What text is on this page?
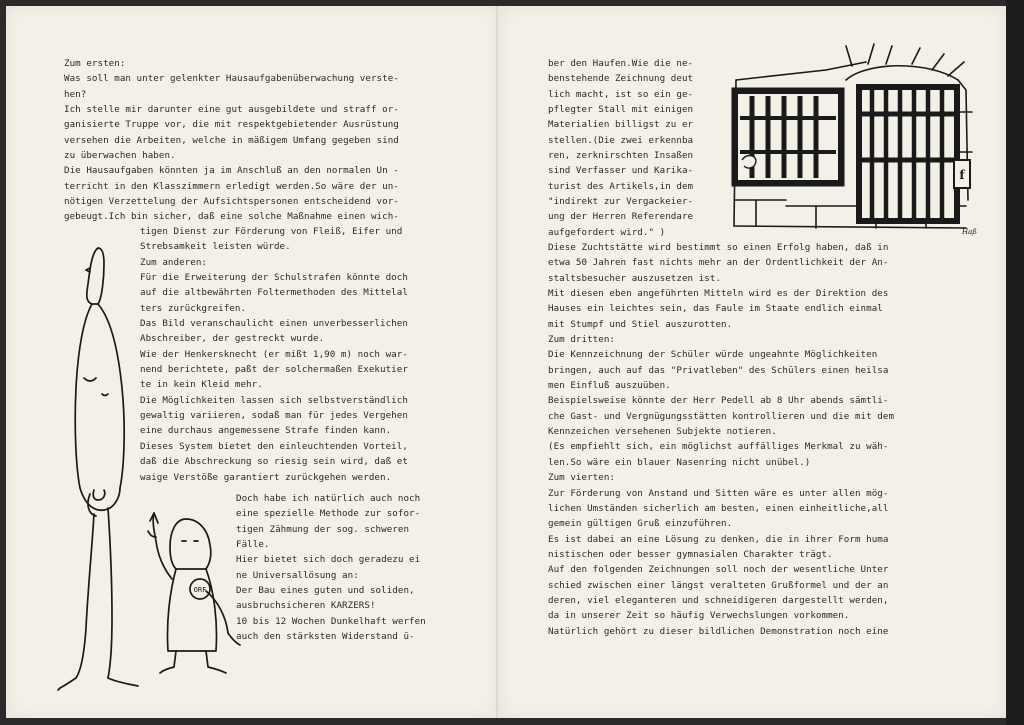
Zum ersten:
Was soll man unter gelenkter Hausaufgabenüberwachung verste-
hen?
Ich stelle mir darunter eine gut ausgebildete und straff or-
ganisierte Truppe vor, die mit respektgebietender Ausrüstung
versehen die Arbeiten, welche in mäßigem Umfang gegeben sind
zu überwachen haben.
Die Hausaufgaben könnten ja im Anschluß an den normalen Un -
terricht in den Klasszimmern erledigt werden.So wäre der un-
nötigen Verzettelung der Aufsichtspersonen entscheidend vor-
gebeugt.Ich bin sicher, daß eine solche Maßnahme einen wich-
tigen Dienst zur Förderung von Fleiß, Eifer und
Strebsamkeit leisten würde.
Zum anderen:
Für die Erweiterung der Schulstrafen könnte doch
auf die altbewährten Foltermethoden des Mittelal
ters zurückgreifen.
Das Bild veranschaulicht einen unverbesserlichen
Abschreiber, der gestreckt wurde.
Wie der Henkersknecht (er mißt 1,90 m) noch war-
nend berichtete, paßt der solchermaßen Exekutier
te in kein Kleid mehr.
Die Möglichkeiten lassen sich selbstverständlich
gewaltig variieren, sodaß man für jedes Vergehen
eine durchaus angemessene Strafe finden kann.
Dieses System bietet den einleuchtenden Vorteil,
daß die Abschreckung so riesig sein wird, daß et
waige Verstöße garantiert zurückgehen werden.
Doch habe ich natürlich auch noch
eine spezielle Methode zur sofor-
tigen Zähmung der sog. schweren
Fälle.
Hier bietet sich doch geradezu ei
ne Universallösung an:
Der Bau eines guten und soliden,
ausbruchsicheren KARZERS!
10 bis 12 Wochen Dunkelhaft werfen
auch den stärksten Widerstand ü-
ORF
ber den Haufen.Wie die ne-
benstehende Zeichnung deut
lich macht, ist so ein ge-
pflegter Stall mit einigen
Materialien billigst zu er
stellen.(Die zwei erkennba
ren, zerknirschten Insaßen
sind Verfasser und Karika-
turist des Artikels,in dem
"indirekt zur Vergackeier-
ung der Herren Referendare
aufgefordert wird." )
Diese Zuchtstätte wird bestimmt so einen Erfolg haben, daß in
etwa 50 Jahren fast nichts mehr an der Ordentlichkeit der An-
staltsbesucher auszusetzen ist.
Mit diesen eben angeführten Mitteln wird es der Direktion des
Hauses ein leichtes sein, das Faule im Staate endlich einmal
mit Stumpf und Stiel auszurotten.
Zum dritten:
Die Kennzeichnung der Schüler würde ungeahnte Möglichkeiten
bringen, auch auf das "Privatleben" des Schülers einen heilsa
men Einfluß auszuüben.
Beispielsweise könnte der Herr Pedell ab 8 Uhr abends sämtli-
che Gast- und Vergnügungsstätten kontrollieren und die mit dem
Kennzeichen versehenen Subjekte notieren.
(Es empfiehlt sich, ein möglichst auffälliges Merkmal zu wäh-
len.So wäre ein blauer Nasenring nicht unübel.)
Zum vierten:
Zur Förderung von Anstand und Sitten wäre es unter allen mög-
lichen Umständen sicherlich am besten, einen einheitliche,all
gemein gültigen Gruß einzuführen.
Es ist dabei an eine Lösung zu denken, die in ihrer Form huma
nistischen oder besser gymnasialen Charakter trägt.
Auf den folgenden Zeichnungen soll noch der wesentliche Unter
schied zwischen einer längst veralteten Grußformel und der an
deren, viel eleganteren und schneidigeren dargestellt werden,
da in unserer Zeit so häufig Verwechslungen vorkommen.
Natürlich gehört zu dieser bildlichen Demonstration noch eine
f
Haß
